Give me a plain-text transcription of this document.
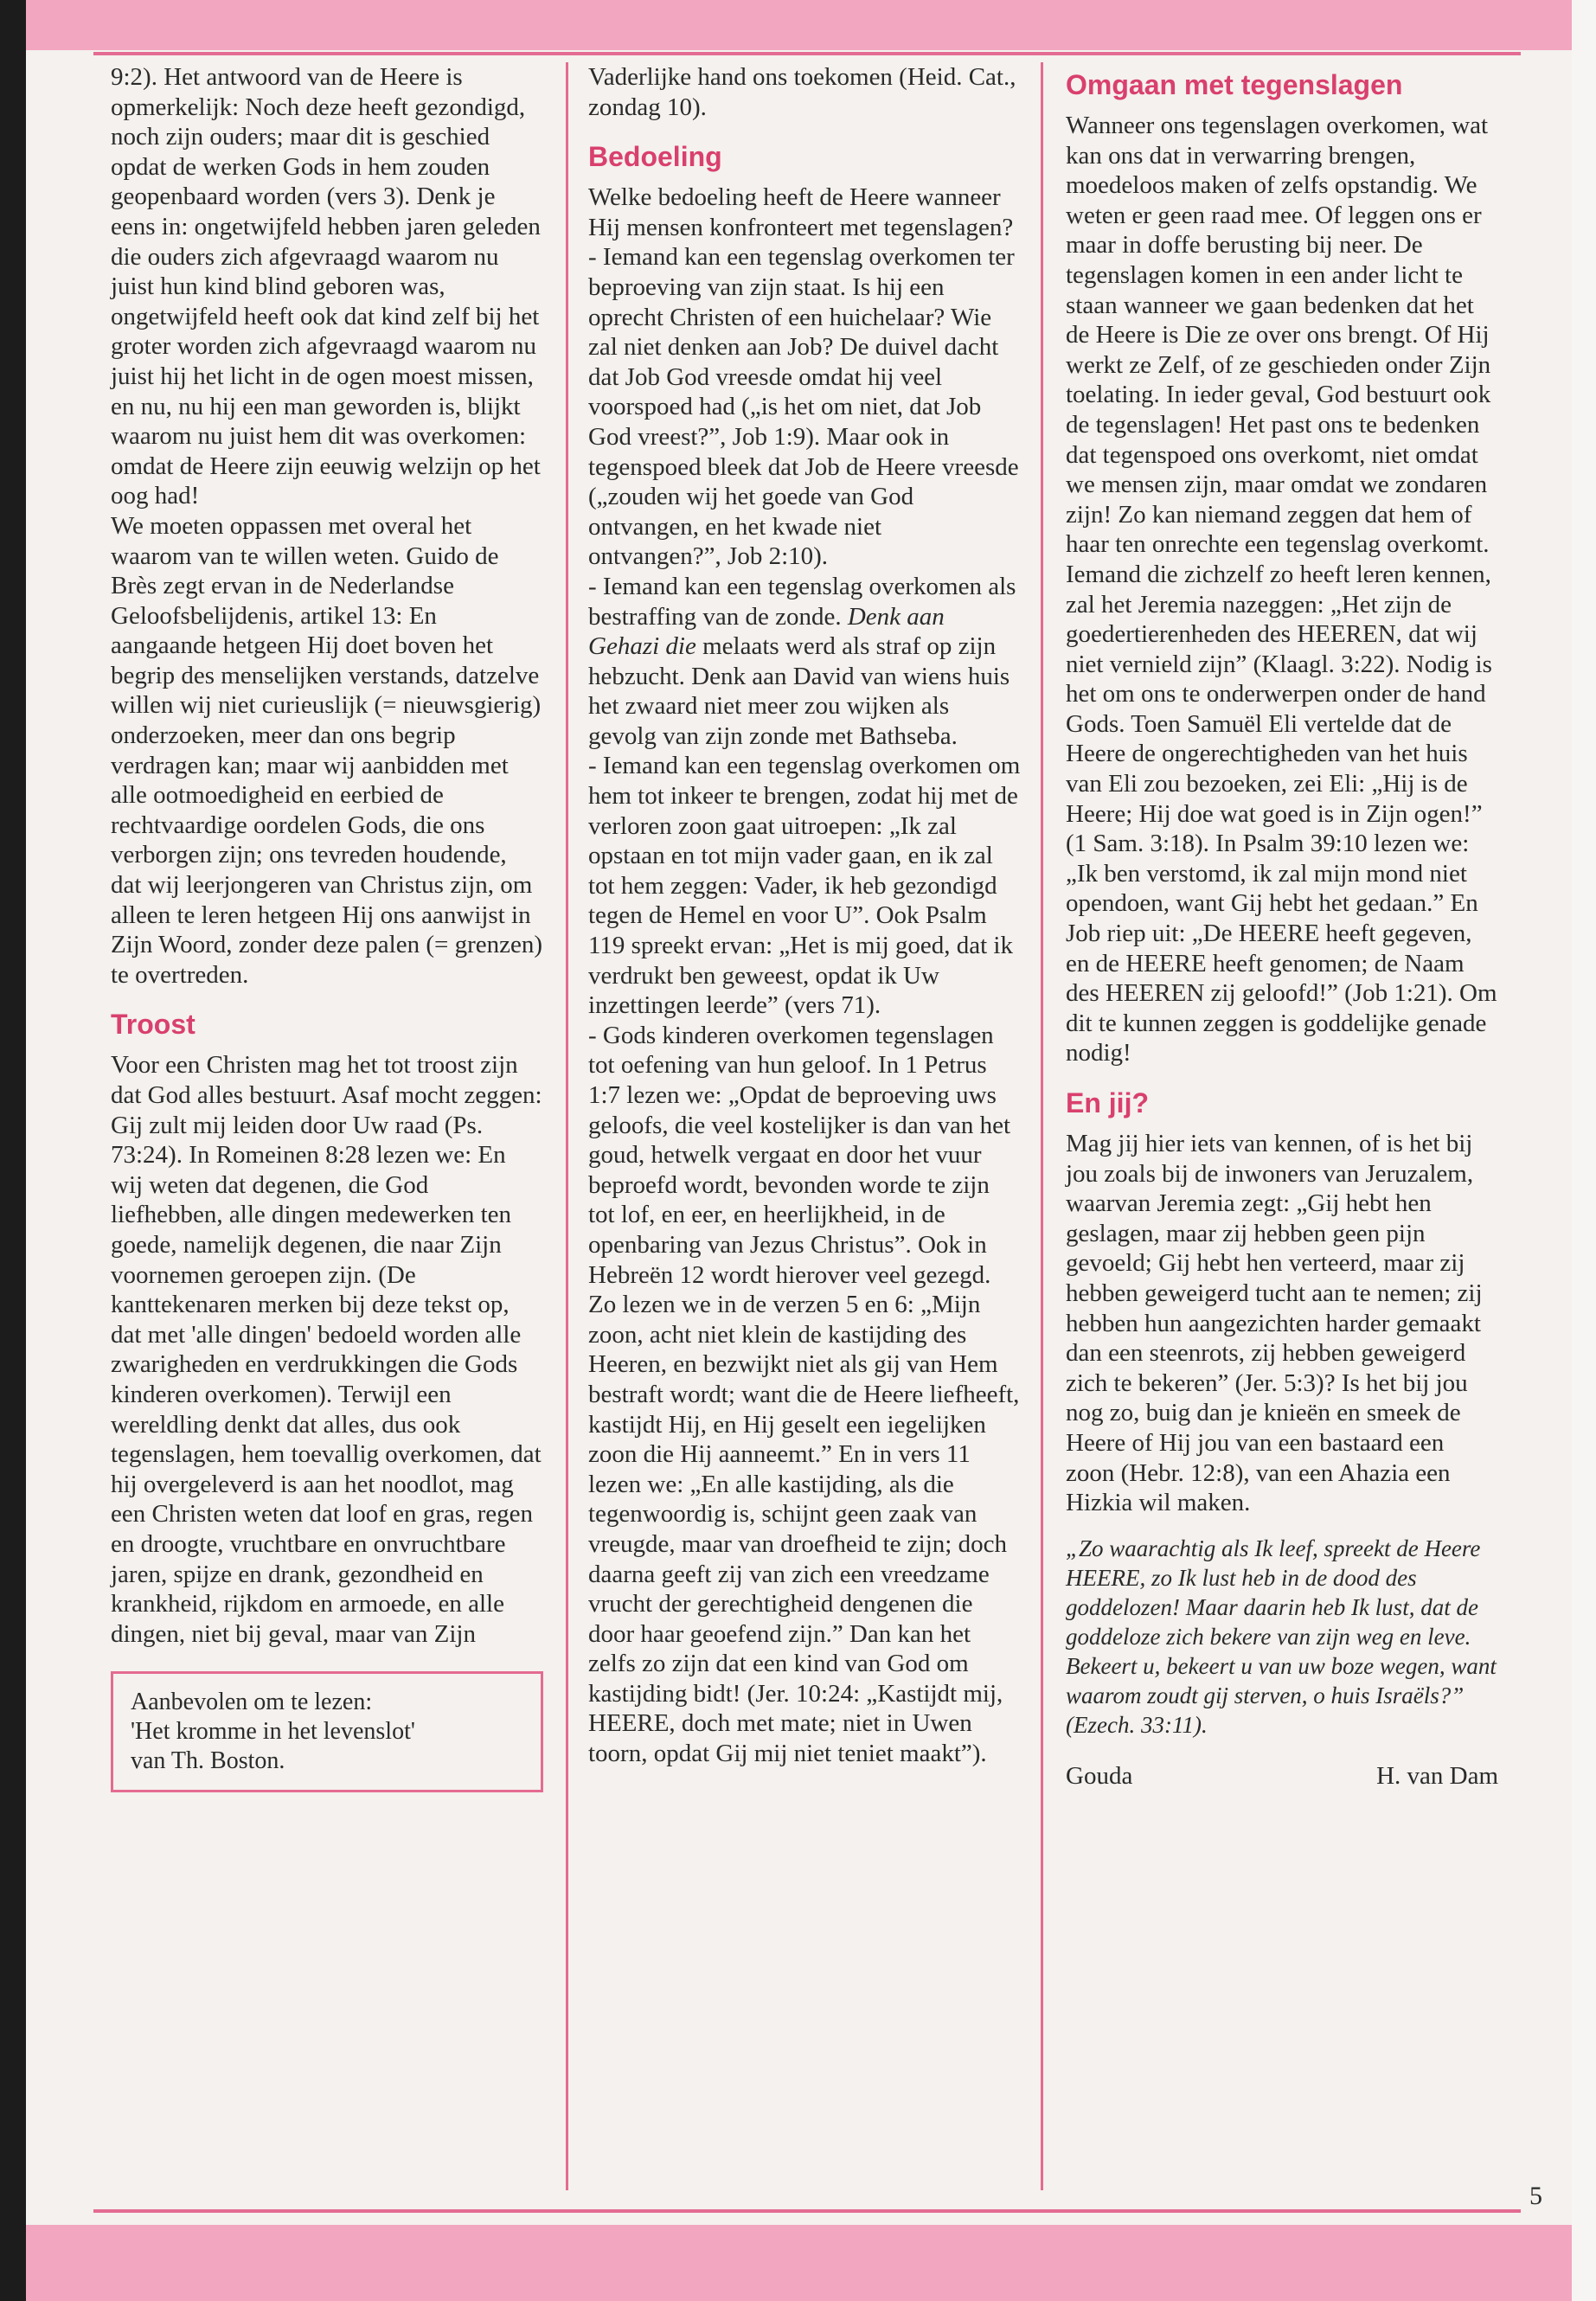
9:2). Het antwoord van de Heere is opmerkelijk: Noch deze heeft gezondigd, noch zijn ouders; maar dit is geschied opdat de werken Gods in hem zouden geopenbaard worden (vers 3). Denk je eens in: ongetwijfeld hebben jaren geleden die ouders zich afgevraagd waarom nu juist hun kind blind geboren was, ongetwijfeld heeft ook dat kind zelf bij het groter worden zich afgevraagd waarom nu juist hij het licht in de ogen moest missen, en nu, nu hij een man geworden is, blijkt waarom nu juist hem dit was overkomen: omdat de Heere zijn eeuwig welzijn op het oog had!

We moeten oppassen met overal het waarom van te willen weten. Guido de Brès zegt ervan in de Nederlandse Geloofsbelijdenis, artikel 13: En aangaande hetgeen Hij doet boven het begrip des menselijken verstands, datzelve willen wij niet curieuslijk (= nieuwsgierig) onderzoeken, meer dan ons begrip verdragen kan; maar wij aanbidden met alle ootmoedigheid en eerbied de rechtvaardige oordelen Gods, die ons verborgen zijn; ons tevreden houdende, dat wij leerjongeren van Christus zijn, om alleen te leren hetgeen Hij ons aanwijst in Zijn Woord, zonder deze palen (= grenzen) te overtreden.

Troost

Voor een Christen mag het tot troost zijn dat God alles bestuurt. Asaf mocht zeggen: Gij zult mij leiden door Uw raad (Ps. 73:24). In Romeinen 8:28 lezen we: En wij weten dat degenen, die God liefhebben, alle dingen medewerken ten goede, namelijk degenen, die naar Zijn voornemen geroepen zijn. (De kanttekenaren merken bij deze tekst op, dat met 'alle dingen' bedoeld worden alle zwarigheden en verdrukkingen die Gods kinderen overkomen). Terwijl een wereldling denkt dat alles, dus ook tegenslagen, hem toevallig overkomen, dat hij overgeleverd is aan het noodlot, mag een Christen weten dat loof en gras, regen en droogte, vruchtbare en onvruchtbare jaren, spijze en drank, gezondheid en krankheid, rijkdom en armoede, en alle dingen, niet bij geval, maar van Zijn

Aanbevolen om te lezen:

'Het kromme in het levenslot'

van Th. Boston.

Vaderlijke hand ons toekomen (Heid. Cat., zondag 10).

Bedoeling

Welke bedoeling heeft de Heere wanneer Hij mensen konfronteert met tegenslagen?

- Iemand kan een tegenslag overkomen ter beproeving van zijn staat. Is hij een oprecht Christen of een huichelaar? Wie zal niet denken aan Job? De duivel dacht dat Job God vreesde omdat hij veel voorspoed had („is het om niet, dat Job God vreest?”, Job 1:9). Maar ook in tegenspoed bleek dat Job de Heere vreesde („zouden wij het goede van God ontvangen, en het kwade niet ontvangen?”, Job 2:10).

- Iemand kan een tegenslag overkomen als bestraffing van de zonde. Denk aan Gehazi die melaats werd als straf op zijn hebzucht. Denk aan David van wiens huis het zwaard niet meer zou wijken als gevolg van zijn zonde met Bathseba.

- Iemand kan een tegenslag overkomen om hem tot inkeer te brengen, zodat hij met de verloren zoon gaat uitroepen: „Ik zal opstaan en tot mijn vader gaan, en ik zal tot hem zeggen: Vader, ik heb gezondigd tegen de Hemel en voor U”. Ook Psalm 119 spreekt ervan: „Het is mij goed, dat ik verdrukt ben geweest, opdat ik Uw inzettingen leerde” (vers 71).

- Gods kinderen overkomen tegenslagen tot oefening van hun geloof. In 1 Petrus 1:7 lezen we: „Opdat de beproeving uws geloofs, die veel kostelijker is dan van het goud, hetwelk vergaat en door het vuur beproefd wordt, bevonden worde te zijn tot lof, en eer, en heerlijkheid, in de openbaring van Jezus Christus”. Ook in Hebreën 12 wordt hierover veel gezegd. Zo lezen we in de verzen 5 en 6: „Mijn zoon, acht niet klein de kastijding des Heeren, en bezwijkt niet als gij van Hem bestraft wordt; want die de Heere liefheeft, kastijdt Hij, en Hij geselt een iegelijken zoon die Hij aanneemt.” En in vers 11 lezen we: „En alle kastijding, als die tegenwoordig is, schijnt geen zaak van vreugde, maar van droefheid te zijn; doch daarna geeft zij van zich een vreedzame vrucht der gerechtigheid dengenen die door haar geoefend zijn.” Dan kan het zelfs zo zijn dat een kind van God om kastijding bidt! (Jer. 10:24: „Kastijdt mij, HEERE, doch met mate; niet in Uwen toorn, opdat Gij mij niet teniet maakt”).

Omgaan met tegenslagen

Wanneer ons tegenslagen overkomen, wat kan ons dat in verwarring brengen, moedeloos maken of zelfs opstandig. We weten er geen raad mee. Of leggen ons er maar in doffe berusting bij neer. De tegenslagen komen in een ander licht te staan wanneer we gaan bedenken dat het de Heere is Die ze over ons brengt. Of Hij werkt ze Zelf, of ze geschieden onder Zijn toelating. In ieder geval, God bestuurt ook de tegenslagen! Het past ons te bedenken dat tegenspoed ons overkomt, niet omdat we mensen zijn, maar omdat we zondaren zijn! Zo kan niemand zeggen dat hem of haar ten onrechte een tegenslag overkomt. Iemand die zichzelf zo heeft leren kennen, zal het Jeremia nazeggen: „Het zijn de goedertierenheden des HEEREN, dat wij niet vernield zijn” (Klaagl. 3:22). Nodig is het om ons te onderwerpen onder de hand Gods. Toen Samuël Eli vertelde dat de Heere de ongerechtigheden van het huis van Eli zou bezoeken, zei Eli: „Hij is de Heere; Hij doe wat goed is in Zijn ogen!” (1 Sam. 3:18). In Psalm 39:10 lezen we: „Ik ben verstomd, ik zal mijn mond niet opendoen, want Gij hebt het gedaan.” En Job riep uit: „De HEERE heeft gegeven, en de HEERE heeft genomen; de Naam des HEEREN zij geloofd!” (Job 1:21). Om dit te kunnen zeggen is goddelijke genade nodig!

En jij?

Mag jij hier iets van kennen, of is het bij jou zoals bij de inwoners van Jeruzalem, waarvan Jeremia zegt: „Gij hebt hen geslagen, maar zij hebben geen pijn gevoeld; Gij hebt hen verteerd, maar zij hebben geweigerd tucht aan te nemen; zij hebben hun aangezichten harder gemaakt dan een steenrots, zij hebben geweigerd zich te bekeren” (Jer. 5:3)? Is het bij jou nog zo, buig dan je knieën en smeek de Heere of Hij jou van een bastaard een zoon (Hebr. 12:8), van een Ahazia een Hizkia wil maken.

„Zo waarachtig als Ik leef, spreekt de Heere HEERE, zo Ik lust heb in de dood des goddelozen! Maar daarin heb Ik lust, dat de goddeloze zich bekere van zijn weg en leve. Bekeert u, bekeert u van uw boze wegen, want waarom zoudt gij sterven, o huis Israëls?” (Ezech. 33:11).

Gouda	H. van Dam
5
